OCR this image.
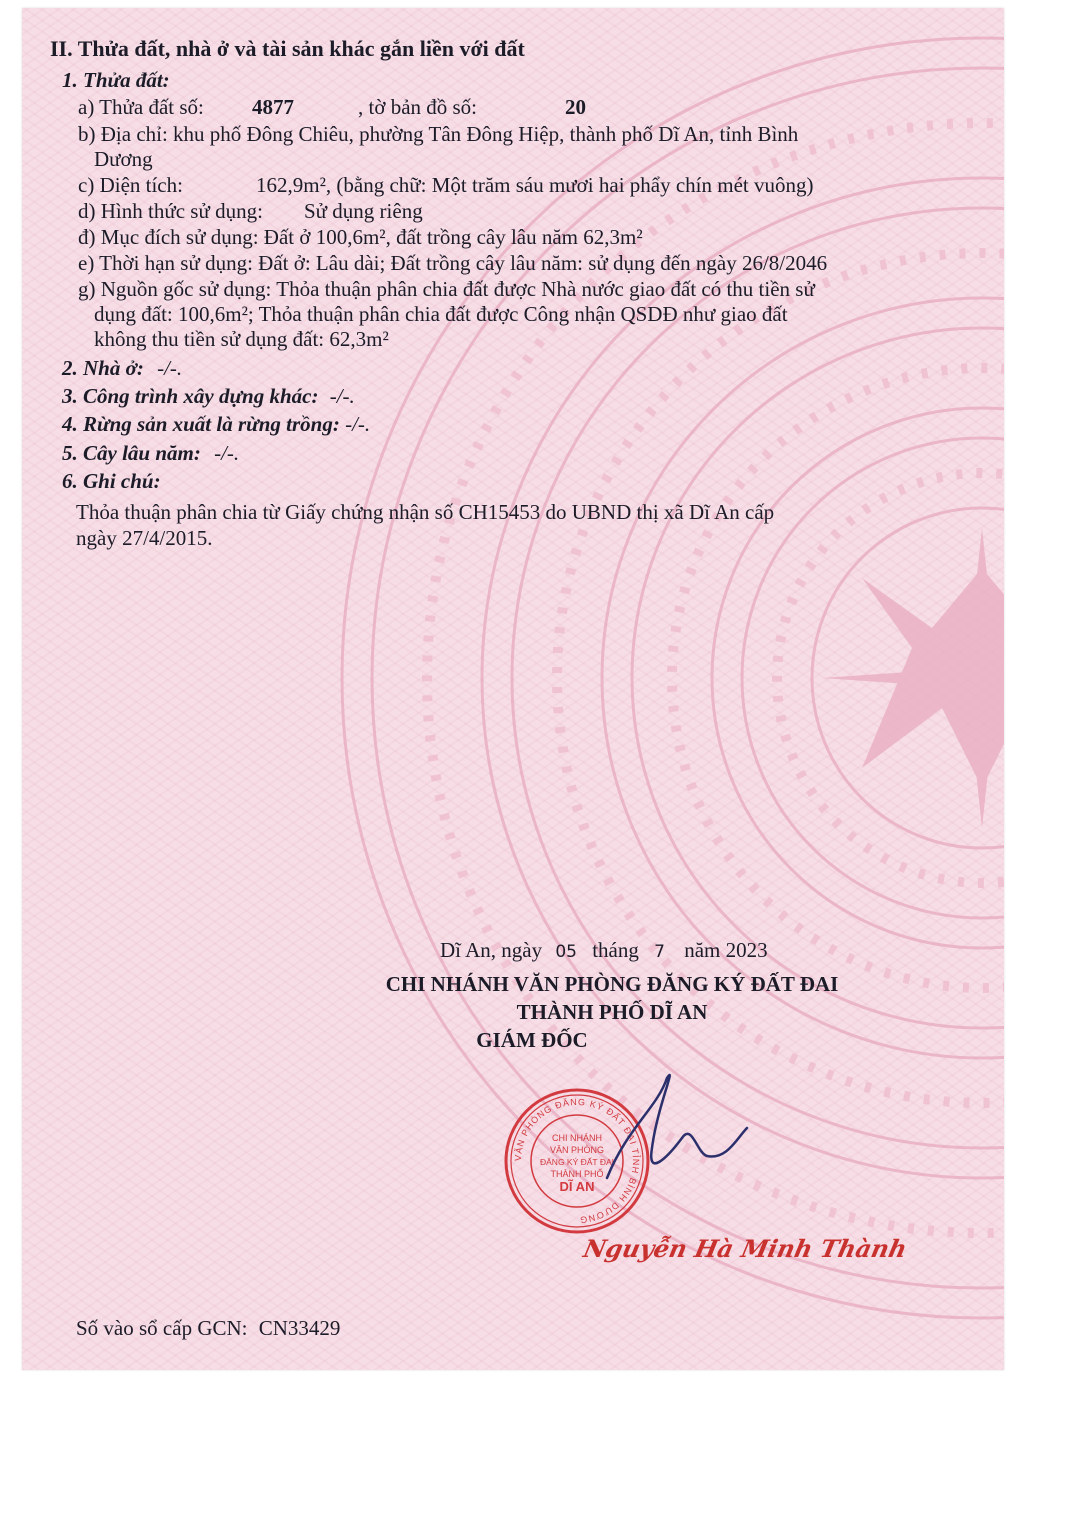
II. Thửa đất, nhà ở và tài sản khác gắn liền với đất
1. Thửa đất:
a) Thửa đất số: 4877	, tờ bản đồ số:	20
b) Địa chỉ: khu phố Đông Chiêu, phường Tân Đông Hiệp, thành phố Dĩ An, tỉnh Bình
Dương
c) Diện tích:	162,9m², (bằng chữ: Một trăm sáu mươi hai phẩy chín mét vuông)
d) Hình thức sử dụng: Sử dụng riêng
đ) Mục đích sử dụng: Đất ở 100,6m², đất trồng cây lâu năm 62,3m²
e) Thời hạn sử dụng: Đất ở: Lâu dài; Đất trồng cây lâu năm: sử dụng đến ngày 26/8/2046
g) Nguồn gốc sử dụng: Thỏa thuận phân chia đất được Nhà nước giao đất có thu tiền sử
dụng đất: 100,6m²; Thỏa thuận phân chia đất được Công nhận QSDĐ như giao đất
không thu tiền sử dụng đất: 62,3m²
2. Nhà ở: -/-.
3. Công trình xây dựng khác: -/-.
4. Rừng sản xuất là rừng trồng: -/-.
5. Cây lâu năm: -/-.
6. Ghi chú:
Thỏa thuận phân chia từ Giấy chứng nhận số CH15453 do UBND thị xã Dĩ An cấp
ngày 27/4/2015.
Dĩ An, ngày 05 tháng 7 năm 2023
CHI NHÁNH VĂN PHÒNG ĐĂNG KÝ ĐẤT ĐAI
THÀNH PHỐ DĨ AN
GIÁM ĐỐC
VĂN PHÒNG ĐĂNG KÝ ĐẤT ĐAI TỈNH BÌNH DƯƠNG
CHI NHÁNH
VĂN PHÒNG
ĐĂNG KÝ ĐẤT ĐAI
THÀNH PHỐ
DĨ AN
Nguyễn Hà Minh Thành
Số vào sổ cấp GCN: CN33429
